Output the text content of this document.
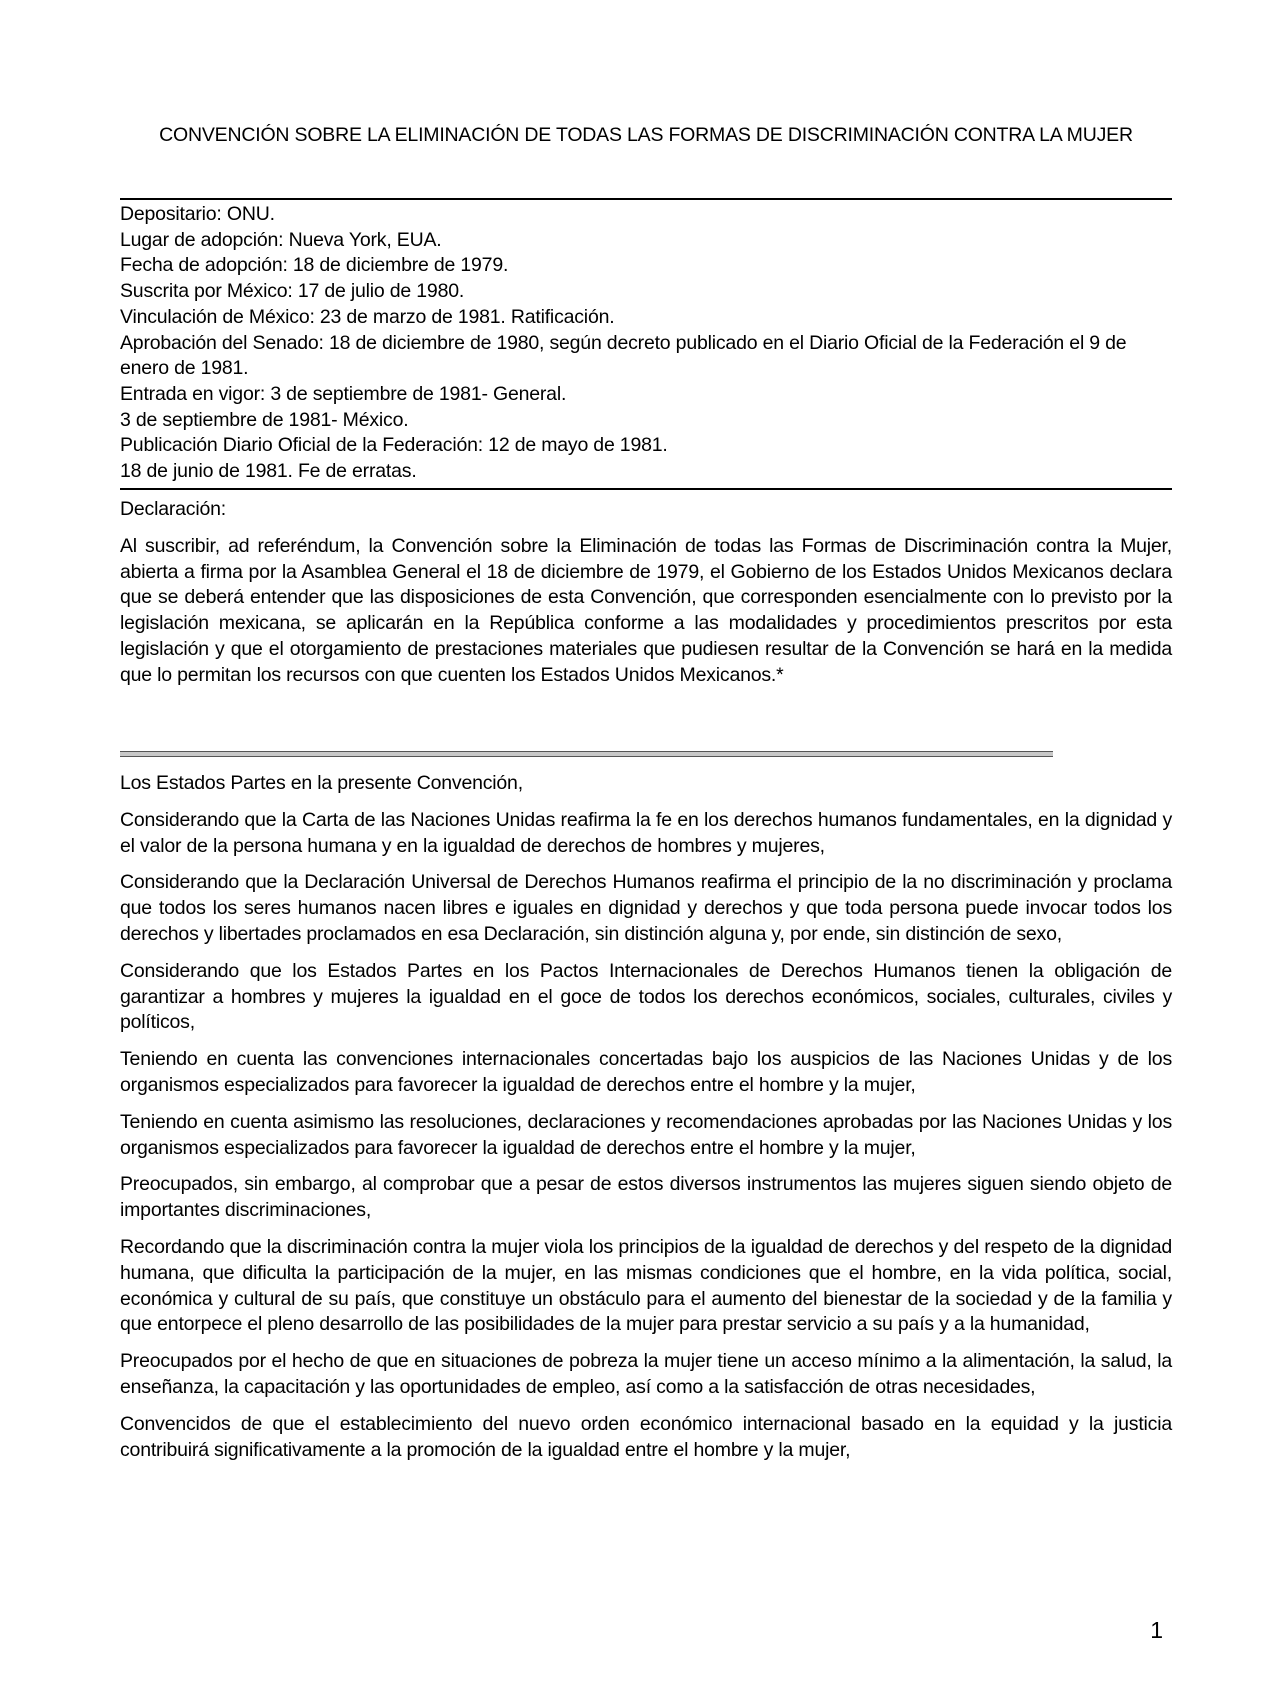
CONVENCIÓN SOBRE LA ELIMINACIÓN DE TODAS LAS FORMAS DE DISCRIMINACIÓN CONTRA LA MUJER
Depositario: ONU.
Lugar de adopción: Nueva York, EUA.
Fecha de adopción: 18 de diciembre de 1979.
Suscrita por México: 17 de julio de 1980.
Vinculación de México: 23 de marzo de 1981. Ratificación.
Aprobación del Senado: 18 de diciembre de 1980, según decreto publicado en el Diario Oficial de la Federación el 9 de enero de 1981.
Entrada en vigor: 3 de septiembre de 1981- General.
3 de septiembre de 1981- México.
Publicación Diario Oficial de la Federación: 12 de mayo de 1981.
18 de junio de 1981. Fe de erratas.

Declaración:

Al suscribir, ad referéndum, la Convención sobre la Eliminación de todas las Formas de Discriminación contra la Mujer, abierta a firma por la Asamblea General el 18 de diciembre de 1979, el Gobierno de los Estados Unidos Mexicanos declara que se deberá entender que las disposiciones de esta Convención, que corresponden esencialmente con lo previsto por la legislación mexicana, se aplicarán en la República conforme a las modalidades y procedimientos prescritos por esta legislación y que el otorgamiento de prestaciones materiales que pudiesen resultar de la Convención se hará en la medida que lo permitan los recursos con que cuenten los Estados Unidos Mexicanos.*

Los Estados Partes en la presente Convención,

Considerando que la Carta de las Naciones Unidas reafirma la fe en los derechos humanos fundamentales, en la dignidad y el valor de la persona humana y en la igualdad de derechos de hombres y mujeres,

Considerando que la Declaración Universal de Derechos Humanos reafirma el principio de la no discriminación y proclama que todos los seres humanos nacen libres e iguales en dignidad y derechos y que toda persona puede invocar todos los derechos y libertades proclamados en esa Declaración, sin distinción alguna y, por ende, sin distinción de sexo,

Considerando que los Estados Partes en los Pactos Internacionales de Derechos Humanos tienen la obligación de garantizar a hombres y mujeres la igualdad en el goce de todos los derechos económicos, sociales, culturales, civiles y políticos,

Teniendo en cuenta las convenciones internacionales concertadas bajo los auspicios de las Naciones Unidas y de los organismos especializados para favorecer la igualdad de derechos entre el hombre y la mujer,

Teniendo en cuenta asimismo las resoluciones, declaraciones y recomendaciones aprobadas por las Naciones Unidas y los organismos especializados para favorecer la igualdad de derechos entre el hombre y la mujer,

Preocupados, sin embargo, al comprobar que a pesar de estos diversos instrumentos las mujeres siguen siendo objeto de importantes discriminaciones,

Recordando que la discriminación contra la mujer viola los principios de la igualdad de derechos y del respeto de la dignidad humana, que dificulta la participación de la mujer, en las mismas condiciones que el hombre, en la vida política, social, económica y cultural de su país, que constituye un obstáculo para el aumento del bienestar de la sociedad y de la familia y que entorpece el pleno desarrollo de las posibilidades de la mujer para prestar servicio a su país y a la humanidad,

Preocupados por el hecho de que en situaciones de pobreza la mujer tiene un acceso mínimo a la alimentación, la salud, la enseñanza, la capacitación y las oportunidades de empleo, así como a la satisfacción de otras necesidades,

Convencidos de que el establecimiento del nuevo orden económico internacional basado en la equidad y la justicia contribuirá significativamente a la promoción de la igualdad entre el hombre y la mujer,

1
